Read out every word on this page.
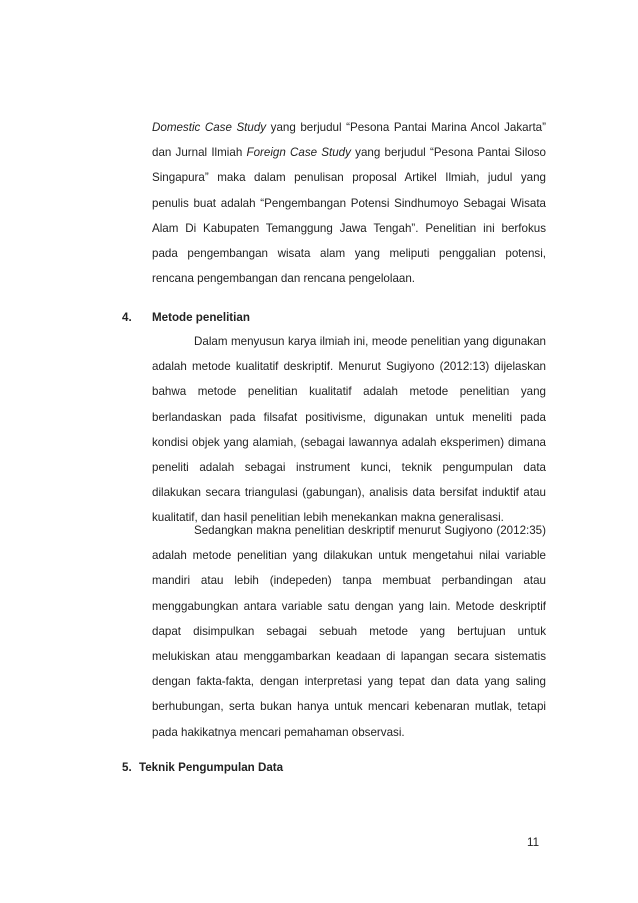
Domestic Case Study yang berjudul “Pesona Pantai Marina Ancol Jakarta”
dan Jurnal Ilmiah Foreign Case Study yang berjudul “Pesona Pantai Siloso
Singapura” maka dalam penulisan proposal Artikel Ilmiah, judul yang
penulis buat adalah “Pengembangan Potensi Sindhumoyo Sebagai Wisata
Alam Di Kabupaten Temanggung Jawa Tengah”. Penelitian ini berfokus
pada pengembangan wisata alam yang meliputi penggalian potensi,
rencana pengembangan dan rencana pengelolaan.
4. Metode penelitian
Dalam menyusun karya ilmiah ini, meode penelitian yang digunakan
adalah metode kualitatif deskriptif. Menurut Sugiyono (2012:13) dijelaskan
bahwa metode penelitian kualitatif adalah metode penelitian yang
berlandaskan pada filsafat positivisme, digunakan untuk meneliti pada
kondisi objek yang alamiah, (sebagai lawannya adalah eksperimen) dimana
peneliti adalah sebagai instrument kunci, teknik pengumpulan data
dilakukan secara triangulasi (gabungan), analisis data bersifat induktif atau
kualitatif, dan hasil penelitian lebih menekankan makna generalisasi.
Sedangkan makna penelitian deskriptif menurut Sugiyono (2012:35)
adalah metode penelitian yang dilakukan untuk mengetahui nilai variable
mandiri atau lebih (indepeden) tanpa membuat perbandingan atau
menggabungkan antara variable satu dengan yang lain. Metode deskriptif
dapat disimpulkan sebagai sebuah metode yang bertujuan untuk
melukiskan atau menggambarkan keadaan di lapangan secara sistematis
dengan fakta-fakta, dengan interpretasi yang tepat dan data yang saling
berhubungan, serta bukan hanya untuk mencari kebenaran mutlak, tetapi
pada hakikatnya mencari pemahaman observasi.
5. Teknik Pengumpulan Data
11
